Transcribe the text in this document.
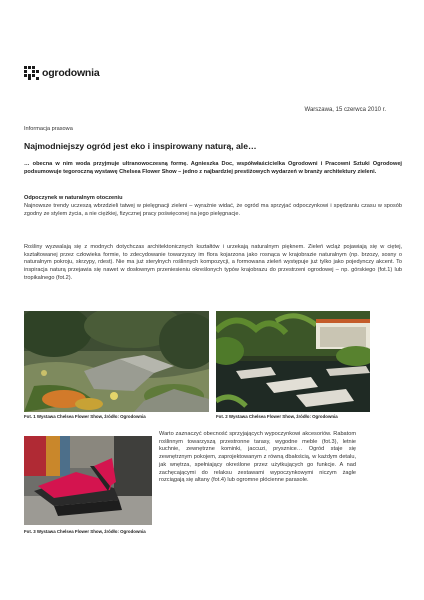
ogrodownia
Warszawa, 15 czerwca 2010 r.
Informacja prasowa
Najmodniejszy ogród jest eko i inspirowany naturą, ale…

… obecna w nim woda przyjmuje ultranowoczesną formę. Agnieszka Doc, współwłaścicielka Ogrodowni i Pracowni Sztuki Ogrodowej podsumowuje tegoroczną wystawę Chelsea Flower Show – jedno z najbardziej prestiżowych wydarzeń w branży architektury zieleni.

Odpoczynek w naturalnym otoczeniu

Najnowsze trendy uczeszą wbrzdzieli tatwej w pielęgnacji zieleni – wyraźnie widać, że ogród ma sprzyjać odpoczynkowi i spędzaniu czasu w sposób zgodny ze stylem życia, a nie ciężkiej, fizycznej pracy poświęconej na jego pielęgnacje.

Rośliny wyzwalają się z modnych dotychczas architektonicznych kształtów i urzekają naturalnym pięknem. Zieleń wcląż pojawiają się w ciętej, kształtowanej przez człowieka formie, to zdecydowanie towarzyszy im flora kojarzona jako rosnąca w krajobrazie naturalnym (np. brzozy, sosny o naturalnym pokroju, skrzypy, rdest). Nie ma już sterylnych roślinnych kompozycji, a formowana zieleń występuje już tylko jako pojedynczy akcent. To inspiracja naturą przejawia się nawet w dosłownym przeniesieniu określonych typów krajobrazu do przestrzeni ogrodowej – np. górskiego (fot.1) lub tropikalnego (fot.2).

Fot. 1 Wystawa Chelsea Flower Show, źródło: Ogrodownia	Fot. 2 Wystawa Chelsea Flower Show, źródło: Ogrodownia
Fot. 3 Wystawa Chelsea Flower Show, źródło: Ogrodownia

Warto zaznaczyć obecność sprzyjających wypoczynkowi akcesoriów. Rabatom roślinnym towarzyszą przestronne tarasy, wygodne meble (fot.3), letnie kuchnie, zewnętrzne kominki, jaccuzi, prysznice… Ogród staje się zewnętrznym pokojem, zaprojektowanym z równą dbałością, w każdym detalu, jak wnętrza, spełniający określone przez użytkujących go funkcje. A nad zachęcającymi do relaksu zestawami wypoczynkowymi niczym żagle rozciągają się altany (fot.4) lub ogromne płócienne parasole.
